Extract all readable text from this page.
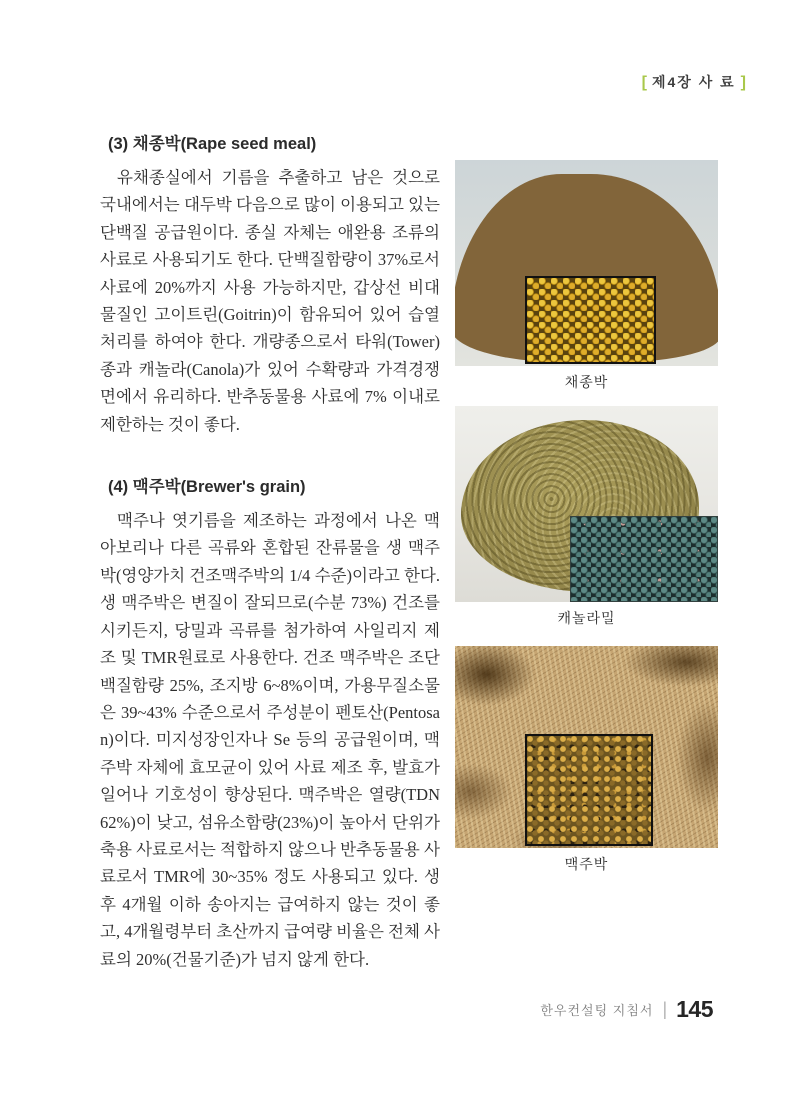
[ 제4장 사 료 ]
(3) 채종박(Rape seed meal)

유채종실에서 기름을 추출하고 남은 것으로 국내에서는 대두박 다음으로 많이 이용되고 있는 단백질 공급원이다. 종실 자체는 애완용 조류의 사료로 사용되기도 한다. 단백질함량이 37%로서 사료에 20%까지 사용 가능하지만, 갑상선 비대물질인 고이트린(Goitrin)이 함유되어 있어 습열처리를 하여야 한다. 개량종으로서 타워(Tower)종과 캐놀라(Canola)가 있어 수확량과 가격경쟁 면에서 유리하다. 반추동물용 사료에 7% 이내로 제한하는 것이 좋다.

(4) 맥주박(Brewer's grain)

맥주나 엿기름을 제조하는 과정에서 나온 맥아보리나 다른 곡류와 혼합된 잔류물을 생 맥주박(영양가치 건조맥주박의 1/4 수준)이라고 한다. 생 맥주박은 변질이 잘되므로(수분 73%) 건조를 시키든지, 당밀과 곡류를 첨가하여 사일리지 제조 및 TMR원료로 사용한다. 건조 맥주박은 조단백질함량 25%, 조지방 6~8%이며, 가용무질소물은 39~43% 수준으로서 주성분이 펜토산(Pentosan)이다. 미지성장인자나 Se 등의 공급원이며, 맥주박 자체에 효모균이 있어 사료 제조 후, 발효가 일어나 기호성이 향상된다. 맥주박은 열량(TDN 62%)이 낮고, 섬유소함량(23%)이 높아서 단위가축용 사료로서는 적합하지 않으나 반추동물용 사료로서 TMR에 30~35% 정도 사용되고 있다. 생후 4개월 이하 송아지는 급여하지 않는 것이 좋고, 4개월령부터 초산까지 급여량 비율은 전체 사료의 20%(건물기준)가 넘지 않게 한다.

채종박
캐놀라밀
맥주박
한우컨설팅 지침서 | 145
